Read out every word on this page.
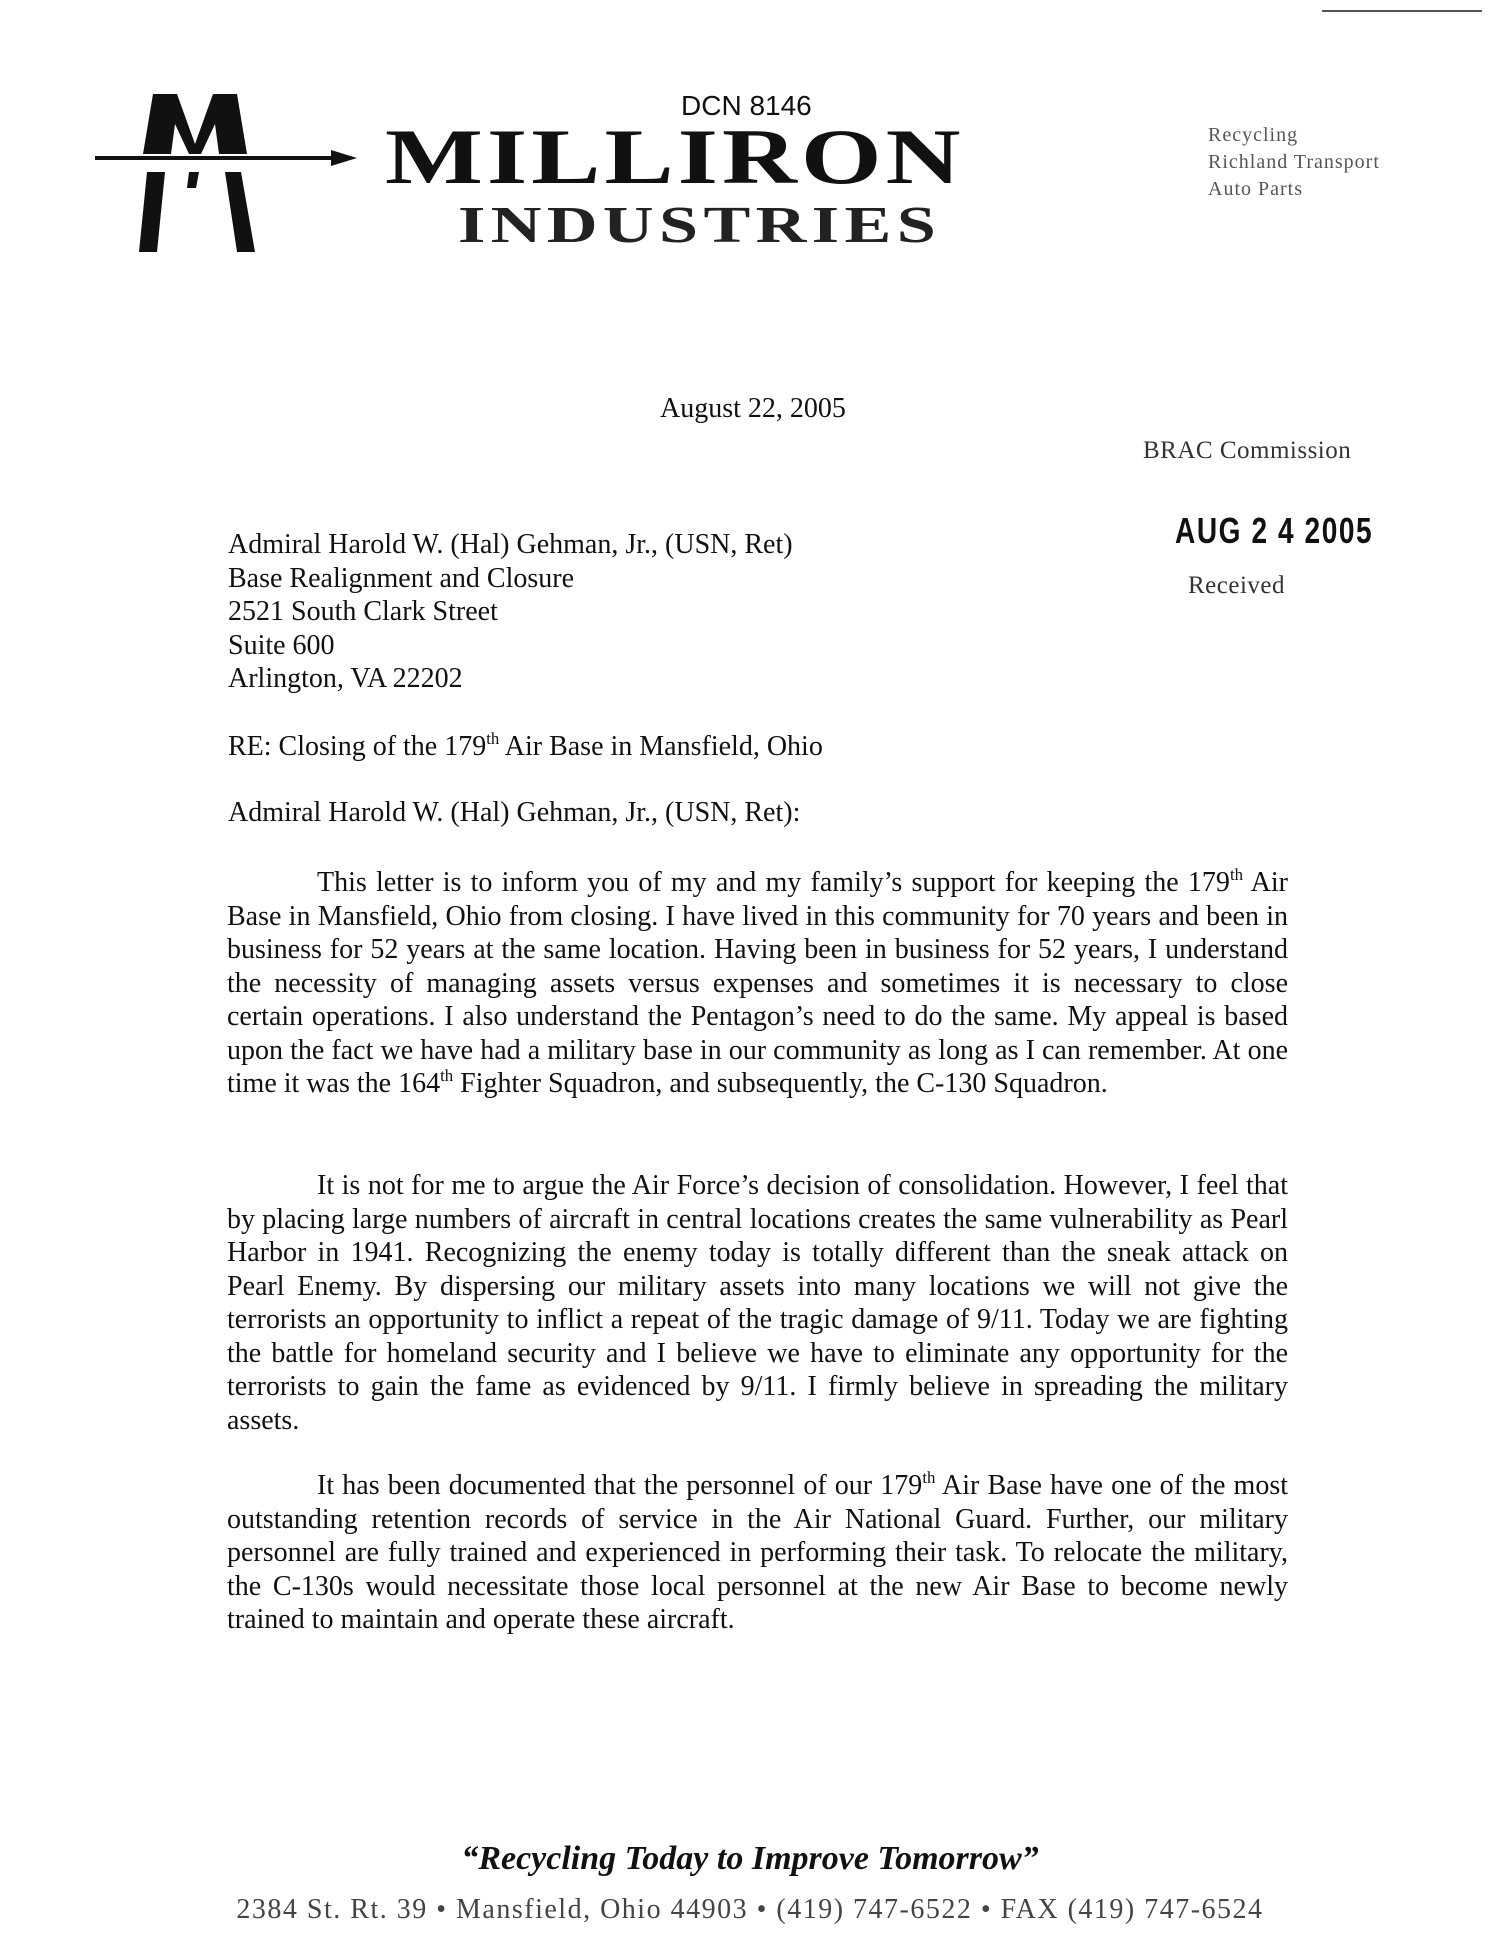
DCN 8146
MILLIRON
INDUSTRIES
Recycling
Richland Transport
Auto Parts
August 22, 2005
BRAC Commission
AUG 2 4 2005
Received
Admiral Harold W. (Hal) Gehman, Jr., (USN, Ret)
Base Realignment and Closure
2521 South Clark Street
Suite 600
Arlington, VA 22202
RE: Closing of the 179th Air Base in Mansfield, Ohio
Admiral Harold W. (Hal) Gehman, Jr., (USN, Ret):

This letter is to inform you of my and my family’s support for keeping the 179th Air Base in Mansfield, Ohio from closing. I have lived in this community for 70 years and been in business for 52 years at the same location. Having been in business for 52 years, I understand the necessity of managing assets versus expenses and sometimes it is necessary to close certain operations. I also understand the Pentagon’s need to do the same. My appeal is based upon the fact we have had a military base in our community as long as I can remember. At one time it was the 164th Fighter Squadron, and subsequently, the C-130 Squadron.

It is not for me to argue the Air Force’s decision of consolidation. However, I feel that by placing large numbers of aircraft in central locations creates the same vulnerability as Pearl Harbor in 1941. Recognizing the enemy today is totally different than the sneak attack on Pearl Enemy. By dispersing our military assets into many locations we will not give the terrorists an opportunity to inflict a repeat of the tragic damage of 9/11. Today we are fighting the battle for homeland security and I believe we have to eliminate any opportunity for the terrorists to gain the fame as evidenced by 9/11. I firmly believe in spreading the military assets.

It has been documented that the personnel of our 179th Air Base have one of the most outstanding retention records of service in the Air National Guard. Further, our military personnel are fully trained and experienced in performing their task. To relocate the military, the C-130s would necessitate those local personnel at the new Air Base to become newly trained to maintain and operate these aircraft.

“Recycling Today to Improve Tomorrow”
2384 St. Rt. 39 • Mansfield, Ohio 44903 • (419) 747-6522 • FAX (419) 747-6524
